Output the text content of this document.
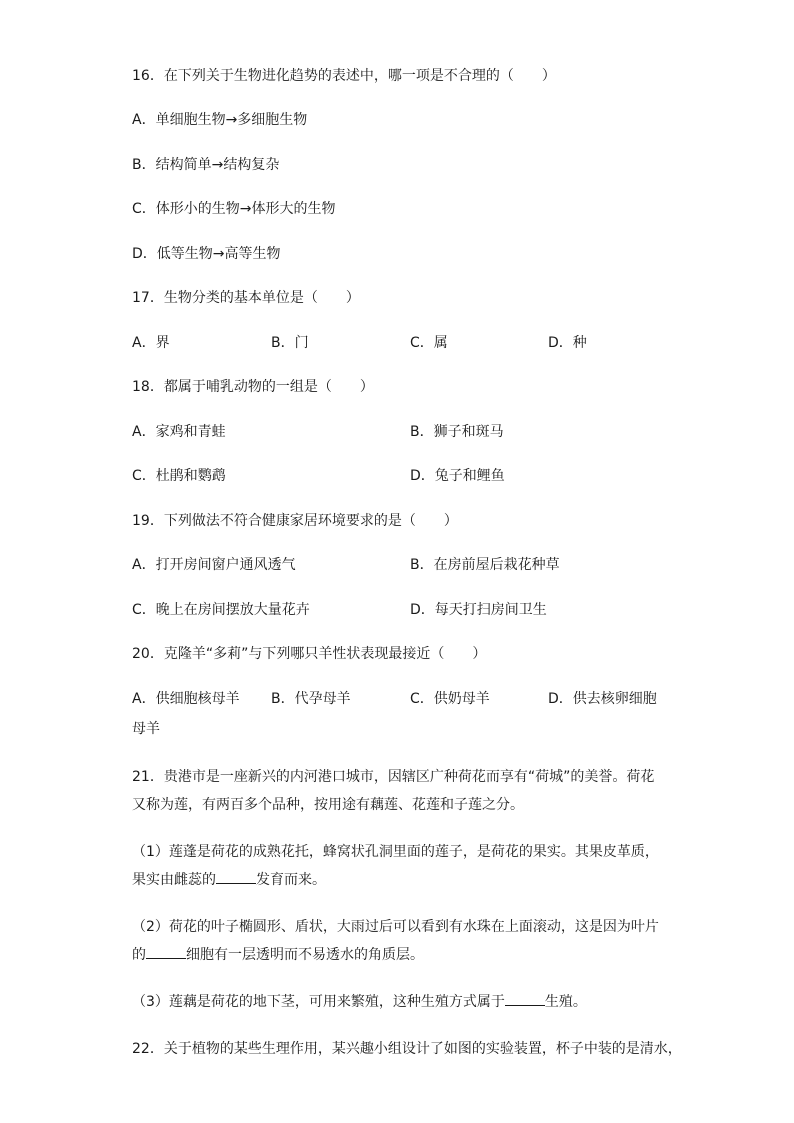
16．在下列关于生物进化趋势的表述中，哪一项是不合理的（　　）
A．单细胞生物→多细胞生物
B．结构简单→结构复杂
C．体形小的生物→体形大的生物
D．低等生物→高等生物
17．生物分类的基本单位是（　　）
A．界	B．门	C．属	D．种
18．都属于哺乳动物的一组是（　　）
A．家鸡和青蛙	B．狮子和斑马
C．杜鹃和鹦鹉	D．兔子和鲤鱼
19．下列做法不符合健康家居环境要求的是（　　）
A．打开房间窗户通风透气	B．在房前屋后栽花种草
C．晚上在房间摆放大量花卉	D．每天打扫房间卫生
20．克隆羊“多莉”与下列哪只羊性状表现最接近（　　）
A．供细胞核母羊 B．代孕母羊	C．供奶母羊	D．供去核卵细胞
母羊
21．贵港市是一座新兴的内河港口城市，因辖区广种荷花而享有“荷城”的美誉。荷花又称为莲，有两百多个品种，按用途有藕莲、花莲和子莲之分。
（1）莲蓬是荷花的成熟花托，蜂窝状孔洞里面的莲子，是荷花的果实。其果皮革质，果实由雌蕊的	发育而来。
（2）荷花的叶子椭圆形、盾状，大雨过后可以看到有水珠在上面滚动，这是因为叶片的	细胞有一层透明而不易透水的角质层。
（3）莲藕是荷花的地下茎，可用来繁殖，这种生殖方式属于	生殖。
22．关于植物的某些生理作用，某兴趣小组设计了如图的实验装置，杯子中装的是清水，
